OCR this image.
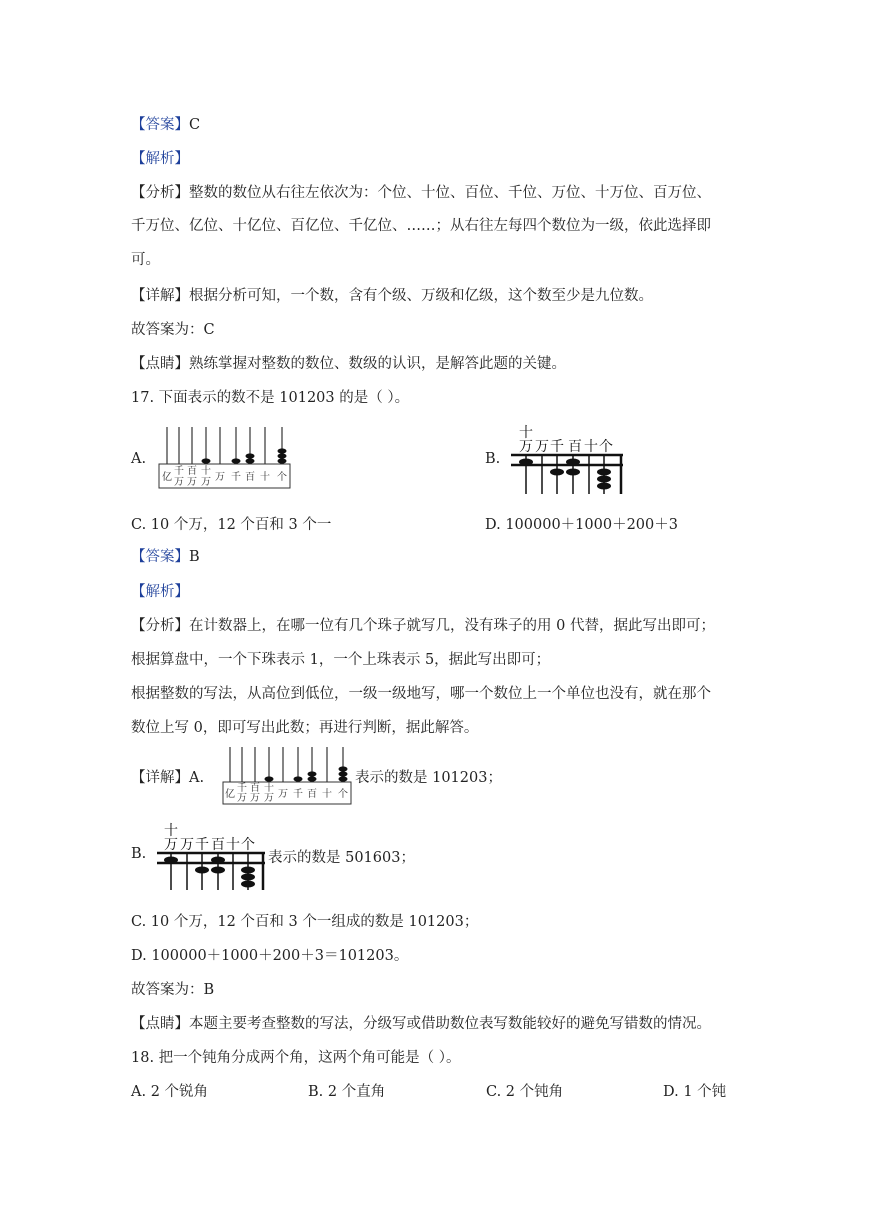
【答案】C
【解析】
【分析】整数的数位从右往左依次为：个位、十位、百位、千位、万位、十万位、百万位、
千万位、亿位、十亿位、百亿位、千亿位、……；从右往左每四个数位为一级，依此选择即
可。
【详解】根据分析可知，一个数，含有个级、万级和亿级，这个数至少是九位数。
故答案为：C
【点睛】熟练掌握对整数的数位、数级的认识，是解答此题的关键。
17. 下面表示的数不是 101203 的是（ ）。
A.
亿
千
万
百
万
十
万 万 千 百 十 个
B.
十
万 万 千 百 十 个
C. 10 个万，12 个百和 3 个一	D. 100000＋1000＋200＋3
【答案】B
【解析】
【分析】在计数器上，在哪一位有几个珠子就写几，没有珠子的用 0 代替，据此写出即可；
根据算盘中，一个下珠表示 1，一个上珠表示 5，据此写出即可；
根据整数的写法，从高位到低位，一级一级地写，哪一个数位上一个单位也没有，就在那个
数位上写 0，即可写出此数；再进行判断，据此解答。
【详解】A.
亿
千
万
百
万
十
万 万 千 百 十 个
表示的数是 101203；
B.
十
万 万 千 百 十 个
表示的数是 501603；
C. 10 个万，12 个百和 3 个一组成的数是 101203；
D. 100000＋1000＋200＋3＝101203。
故答案为：B
【点睛】本题主要考查整数的写法，分级写或借助数位表写数能较好的避免写错数的情况。
18. 把一个钝角分成两个角，这两个角可能是（ ）。
A. 2 个锐角	B. 2 个直角	C. 2 个钝角	D. 1 个钝
